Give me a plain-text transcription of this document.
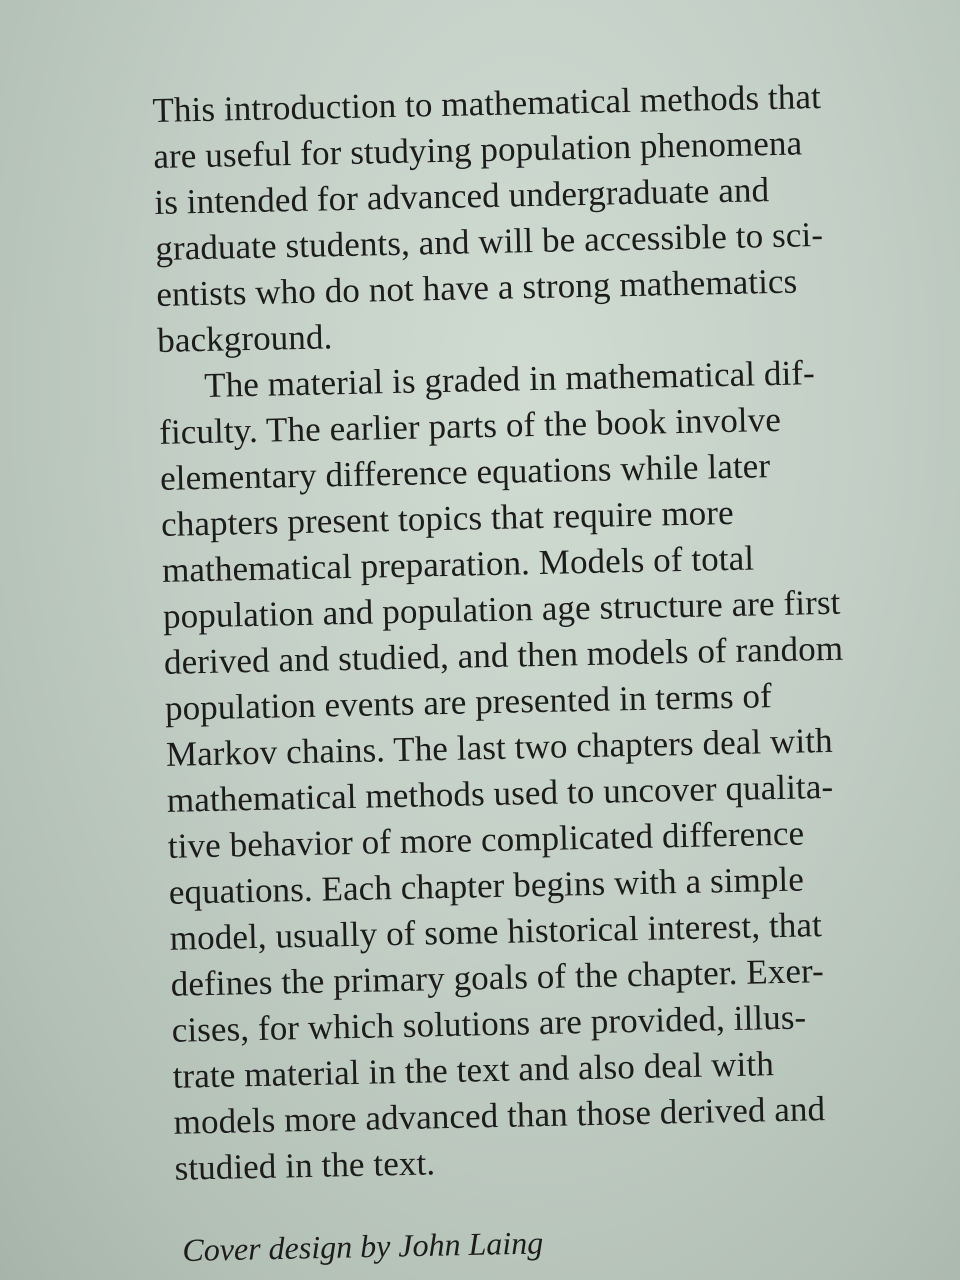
This introduction to mathematical methods that
are useful for studying population phenomena
is intended for advanced undergraduate and
graduate students, and will be accessible to sci-
entists who do not have a strong mathematics
background.
The material is graded in mathematical dif-
ficulty. The earlier parts of the book involve
elementary difference equations while later
chapters present topics that require more
mathematical preparation. Models of total
population and population age structure are first
derived and studied, and then models of random
population events are presented in terms of
Markov chains. The last two chapters deal with
mathematical methods used to uncover qualita-
tive behavior of more complicated difference
equations. Each chapter begins with a simple
model, usually of some historical interest, that
defines the primary goals of the chapter. Exer-
cises, for which solutions are provided, illus-
trate material in the text and also deal with
models more advanced than those derived and
studied in the text.
Cover design by John Laing
